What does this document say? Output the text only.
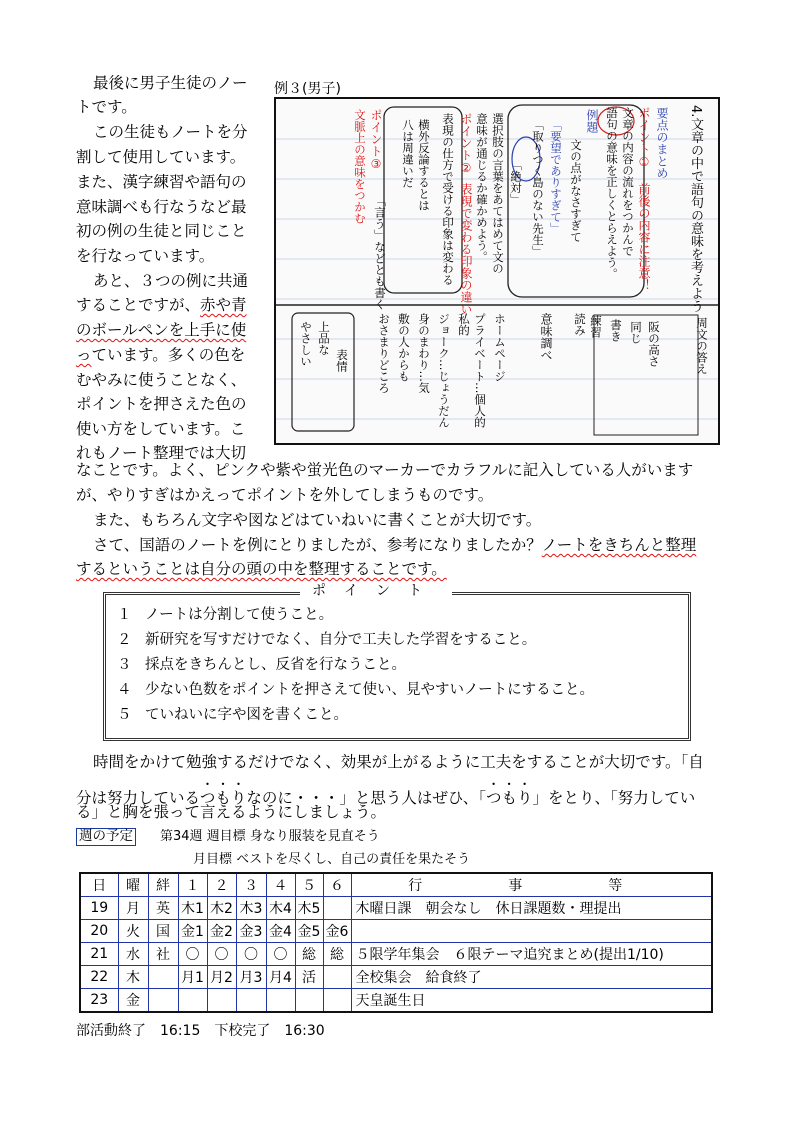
最後に男子生徒のノー
トです。
この生徒もノートを分
割して使用しています。
また、漢字練習や語句の
意味調べも行なうなど最
初の例の生徒と同じこと
を行なっています。
あと、３つの例に共通
することですが、赤や青
のボールペンを上手に使
っています。多くの色を
むやみに使うことなく、
ポイントを押さえた色の
使い方をしています。こ
れもノート整理では大切
例３(男子)
4.文章の中で語句の意味を考えよう
要点のまとめ
ポイント①
前後の内容に注意！
文章の内容の流れをつかんで
語句の意味を正しくとらえよう。
例題
文の点がなさすぎて
「要望でありすぎて」
「取りつく島のない先生」
選択肢の言葉をあてはめて文の
意味が通じるか確かめよう。
ポイント②
表現で変わる印象の違い
表現の仕方で受ける印象は変わる	「絶対」
横外反論するとは
八は周違いだ
ポイント③
文脈上の意味をつかむ
「言う」などとも書く
意味調べ 読み 書き
練習 同じ 阪の高さ	周文の答え
プライベート…個人的
私的
ジョーク…じょうだん
身のまわり…気	ホームページ
やさしい 上品な
表情 おさまりどころ 敷の人からも
なことです。よく、ピンクや紫や蛍光色のマーカーでカラフルに記入している人がいます
が、やりすぎはかえってポイントを外してしまうものです。
また、もちろん文字や図などはていねいに書くことが大切です。
さて、国語のノートを例にとりましたが、参考になりましたか？ノートをきちんと整理
するということは自分の頭の中を整理することです。
ポイント
１ ノートは分割して使うこと。
２ 新研究を写すだけでなく、自分で工夫した学習をすること。
３ 採点をきちんとし、反省を行なうこと。
４ 少ない色数をポイントを押さえて使い、見やすいノートにすること。
５ ていねいに字や図を書くこと。
時間をかけて勉強するだけでなく、効果が上がるように工夫をすることが大切です。「自
分は努力しているつもりなのに・・・」と思う人はぜひ、「つもり」をとり、「努力してい
る」と胸を張って言えるようにしましょう。
週の予定 第34週 週目標 身なり服装を見直そう
月目標 ベストを尽くし、自己の責任を果たそう
日	曜	絆	１	２	３	４	５	６	行　事　等
19	月	英	木1	木2	木3	木4	木5		木曜日課　朝会なし　休日課題数・理提出
20	火	国	金1	金2	金3	金4	金5	金6	
21	水	社	〇	〇	〇	〇	総	総	５限学年集会　６限テーマ追究まとめ(提出1/10)
22	木		月1	月2	月3	月4	活		全校集会　給食終了
23	金								天皇誕生日
部活動終了　16:15　下校完了　16:30
